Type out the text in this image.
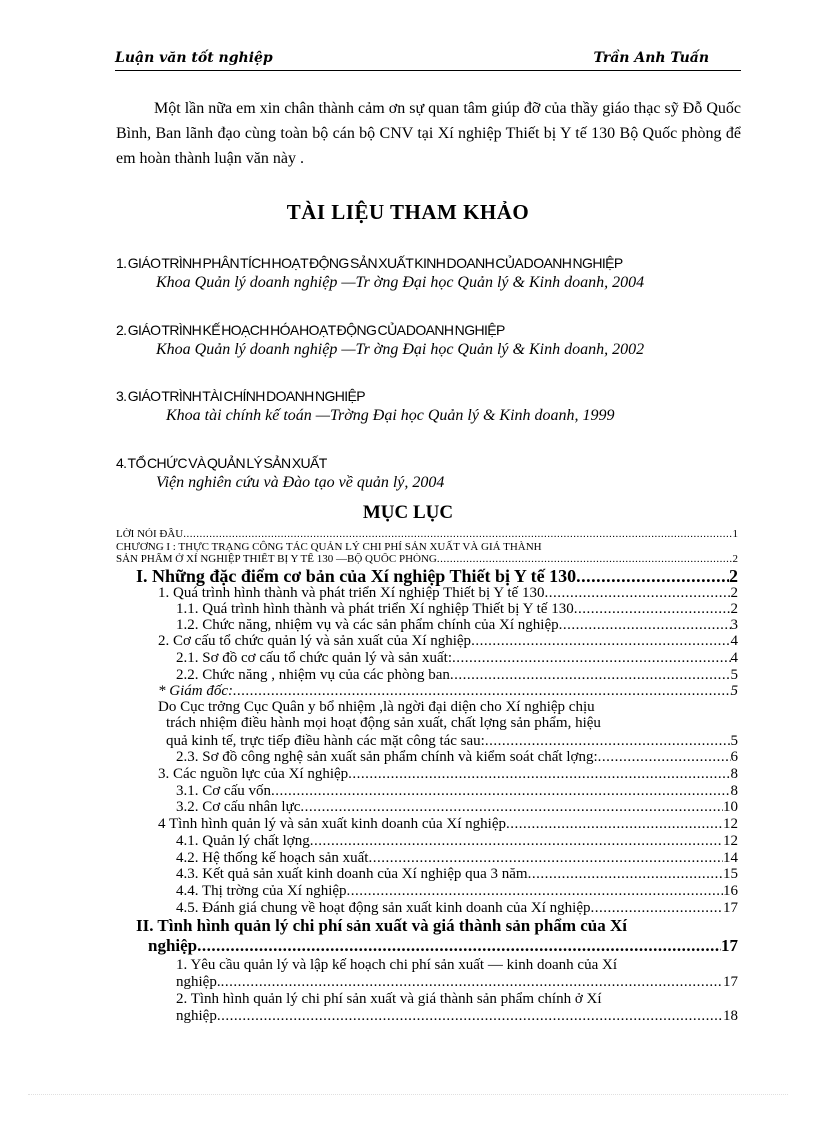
Luận văn tốt nghiệp	Trần Anh Tuấn
Một lần nữa em xin chân thành cảm ơn sự quan tâm giúp đỡ của thầy giáo thạc sỹ Đỗ Quốc Bình, Ban lãnh đạo cùng toàn bộ cán bộ CNV tại Xí nghiệp Thiết bị Y tế 130 Bộ Quốc phòng để em hoàn thành luận văn này .
TÀI LIỆU THAM KHẢO
1. GIÁO TRÌNH PHÂN TÍCH HOẠT ĐỘNG SẢN XUẤT KINH DOANH CỦA DOANH NGHIỆP
Khoa Quản lý doanh nghiệp —Tr ờng Đại học Quản lý & Kinh doanh, 2004
2. GIÁO TRÌNH KẾ HOẠCH HÓA HOẠT ĐỘNG CỦA DOANH NGHIỆP
Khoa Quản lý doanh nghiệp —Tr ờng Đại học Quản lý & Kinh doanh, 2002
3. GIÁO TRÌNH TÀI CHÍNH DOANH NGHIỆP
Khoa tài chính kế toán —Trờng Đại học Quản lý & Kinh doanh, 1999
4. TỔ CHỨC VÀ QUẢN LÝ SẢN XUẤT
Viện nghiên cứu và Đào tạo về quản lý, 2004
MỤC LỤC
LỜI NÓI ĐẦU .....	1
CHƯƠNG I : THỰC TRẠNG CÔNG TÁC QUẢN LÝ CHI PHÍ SẢN XUẤT VÀ GIÁ THÀNH
SẢN PHẨM Ở XÍ NGHIỆP THIẾT BỊ Y TẾ 130 —BỘ QUỐC PHÒNG .....	2
I. Những đặc điểm cơ bản của Xí nghiệp Thiết bị Y tế 130 .....	2
1. Quá trình hình thành và phát triển Xí nghiệp Thiết bị Y tế 130 .....	2
1.1. Quá trình hình thành và phát triển Xí nghiệp Thiết bị Y tế 130 .....	2
1.2. Chức năng, nhiệm vụ và các sản phẩm chính của Xí nghiệp .....	3
2. Cơ cấu tổ chức quản lý và sản xuất của Xí nghiệp .....	4
2.1. Sơ đồ cơ cấu tổ chức quản lý và sản xuất: .....	4
2.2. Chức năng , nhiệm vụ của các phòng ban .....	5
* Giám đốc: .....	5
Do Cục trởng Cục Quân y bổ nhiệm ,là ngời đại diện cho Xí nghiệp chịu
trách nhiệm điều hành mọi hoạt động sản xuất, chất lợng sản phẩm, hiệu
quả kinh tế, trực tiếp điều hành các mặt công tác sau: .....	5
2.3. Sơ đồ công nghệ sản xuất sản phẩm chính và kiểm soát chất lợng: .....	6
3. Các nguồn lực của Xí nghiệp .....	8
3.1. Cơ cấu vốn .....	8
3.2. Cơ cấu nhân lực .....	10
4 Tình hình quản lý và sản xuất kinh doanh của Xí nghiệp .....	12
4.1. Quản lý chất lợng .....	12
4.2. Hệ thống kế hoạch sản xuất .....	14
4.3. Kết quả sản xuất kinh doanh của Xí nghiệp qua 3 năm .....	15
4.4. Thị trờng của Xí nghiệp .....	16
4.5. Đánh giá chung về hoạt động sản xuất kinh doanh của Xí nghiệp .....	17
II. Tình hình quản lý chi phí sản xuất và giá thành sản phẩm của Xí
nghiệp .....	17
1. Yêu cầu quản lý và lập kế hoạch chi phí sản xuất — kinh doanh của Xí
nghiệp. .....	17
2. Tình hình quản lý chi phí sản xuất và giá thành sản phẩm chính ở Xí
nghiệp .....	18
